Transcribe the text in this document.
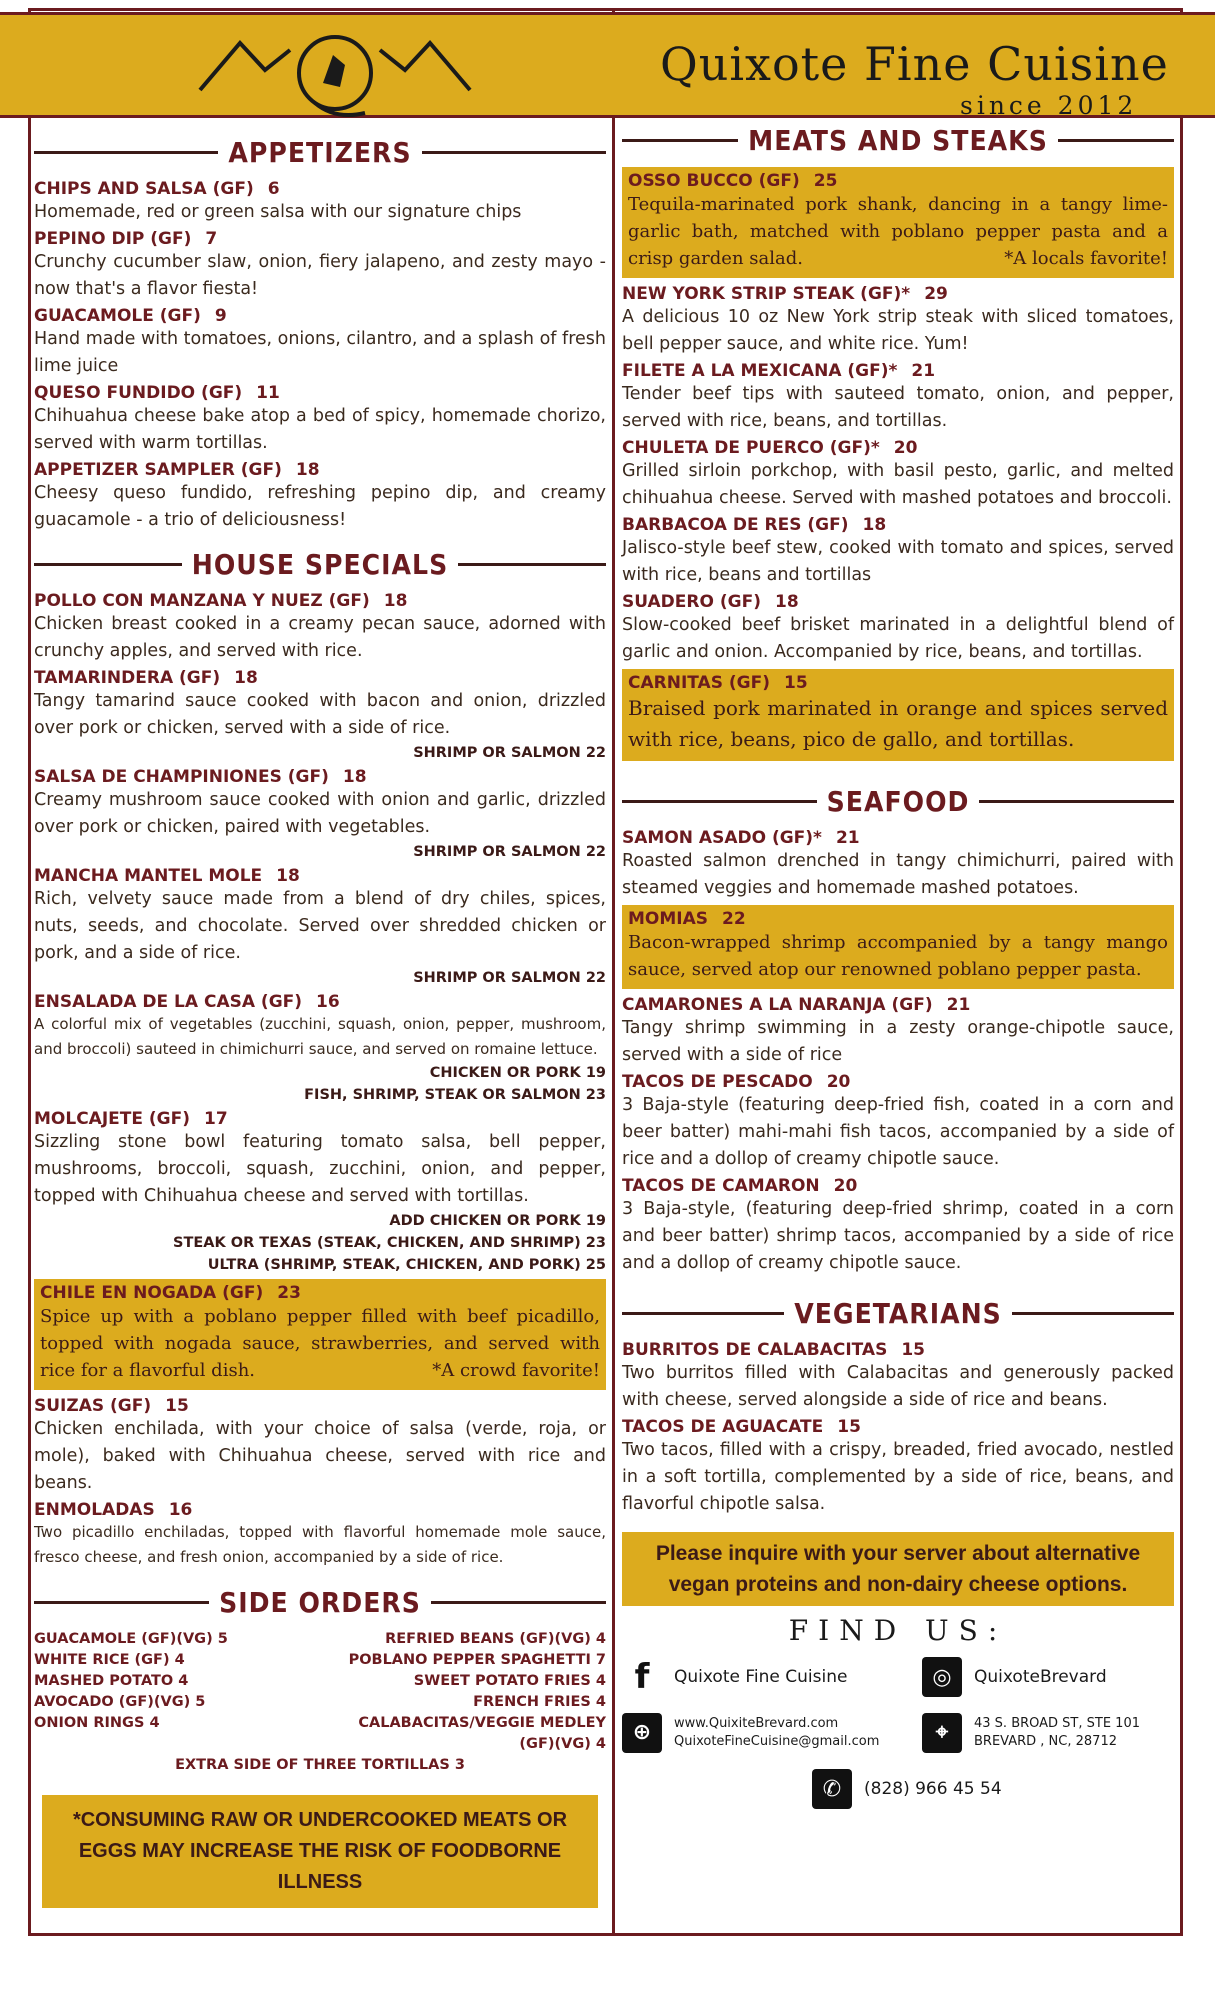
Quixote Fine Cuisine
since 2012
APPETIZERS
CHIPS AND SALSA (GF) 6
Homemade, red or green salsa with our signature chips
PEPINO DIP (GF) 7
Crunchy cucumber slaw, onion, fiery jalapeno, and zesty mayo - now that's a flavor fiesta!
GUACAMOLE (GF) 9
Hand made with tomatoes, onions, cilantro, and a splash of fresh lime juice
QUESO FUNDIDO (GF) 11
Chihuahua cheese bake atop a bed of spicy, homemade chorizo, served with warm tortillas.
APPETIZER SAMPLER (GF) 18
Cheesy queso fundido, refreshing pepino dip, and creamy guacamole - a trio of deliciousness!
HOUSE SPECIALS
POLLO CON MANZANA Y NUEZ (GF) 18
Chicken breast cooked in a creamy pecan sauce, adorned with crunchy apples, and served with rice.
TAMARINDERA (GF) 18
Tangy tamarind sauce cooked with bacon and onion, drizzled over pork or chicken, served with a side of rice.
SHRIMP OR SALMON 22
SALSA DE CHAMPINIONES (GF) 18
Creamy mushroom sauce cooked with onion and garlic, drizzled over pork or chicken, paired with vegetables.
SHRIMP OR SALMON 22
MANCHA MANTEL MOLE 18
Rich, velvety sauce made from a blend of dry chiles, spices, nuts, seeds, and chocolate. Served over shredded chicken or pork, and a side of rice.
SHRIMP OR SALMON 22
ENSALADA DE LA CASA (GF) 16
A colorful mix of vegetables (zucchini, squash, onion, pepper, mushroom, and broccoli) sauteed in chimichurri sauce, and served on romaine lettuce.
CHICKEN OR PORK 19
FISH, SHRIMP, STEAK OR SALMON 23
MOLCAJETE (GF) 17
Sizzling stone bowl featuring tomato salsa, bell pepper, mushrooms, broccoli, squash, zucchini, onion, and pepper, topped with Chihuahua cheese and served with tortillas.
ADD CHICKEN OR PORK 19
STEAK OR TEXAS (STEAK, CHICKEN, AND SHRIMP) 23
ULTRA (SHRIMP, STEAK, CHICKEN, AND PORK) 25
CHILE EN NOGADA (GF) 23
Spice up with a poblano pepper filled with beef picadillo, topped with nogada sauce, strawberries, and served with rice for a flavorful dish.	*A crowd favorite!
SUIZAS (GF) 15
Chicken enchilada, with your choice of salsa (verde, roja, or mole), baked with Chihuahua cheese, served with rice and beans.
ENMOLADAS 16
Two picadillo enchiladas, topped with flavorful homemade mole sauce, fresco cheese, and fresh onion, accompanied by a side of rice.
SIDE ORDERS
GUACAMOLE (GF)(VG) 5	REFRIED BEANS (GF)(VG) 4
WHITE RICE (GF) 4	POBLANO PEPPER SPAGHETTI 7
MASHED POTATO 4	SWEET POTATO FRIES 4
AVOCADO (GF)(VG) 5	FRENCH FRIES 4
ONION RINGS 4	CALABACITAS/VEGGIE MEDLEY (GF)(VG) 4
EXTRA SIDE OF THREE TORTILLAS 3
*CONSUMING RAW OR UNDERCOOKED MEATS OR EGGS MAY INCREASE THE RISK OF FOODBORNE ILLNESS
MEATS AND STEAKS
OSSO BUCCO (GF) 25
Tequila-marinated pork shank, dancing in a tangy lime-garlic bath, matched with poblano pepper pasta and a crisp garden salad.	*A locals favorite!
NEW YORK STRIP STEAK (GF)* 29
A delicious 10 oz New York strip steak with sliced tomatoes, bell pepper sauce, and white rice. Yum!
FILETE A LA MEXICANA (GF)* 21
Tender beef tips with sauteed tomato, onion, and pepper, served with rice, beans, and tortillas.
CHULETA DE PUERCO (GF)* 20
Grilled sirloin porkchop, with basil pesto, garlic, and melted chihuahua cheese. Served with mashed potatoes and broccoli.
BARBACOA DE RES (GF) 18
Jalisco-style beef stew, cooked with tomato and spices, served with rice, beans and tortillas
SUADERO (GF) 18
Slow-cooked beef brisket marinated in a delightful blend of garlic and onion. Accompanied by rice, beans, and tortillas.
CARNITAS (GF) 15
Braised pork marinated in orange and spices served with rice, beans, pico de gallo, and tortillas.
SEAFOOD
SAMON ASADO (GF)* 21
Roasted salmon drenched in tangy chimichurri, paired with steamed veggies and homemade mashed potatoes.
MOMIAS 22
Bacon-wrapped shrimp accompanied by a tangy mango sauce, served atop our renowned poblano pepper pasta.
CAMARONES A LA NARANJA (GF) 21
Tangy shrimp swimming in a zesty orange-chipotle sauce, served with a side of rice
TACOS DE PESCADO 20
3 Baja-style (featuring deep-fried fish, coated in a corn and beer batter) mahi-mahi fish tacos, accompanied by a side of rice and a dollop of creamy chipotle sauce.
TACOS DE CAMARON 20
3 Baja-style, (featuring deep-fried shrimp, coated in a corn and beer batter) shrimp tacos, accompanied by a side of rice and a dollop of creamy chipotle sauce.
VEGETARIANS
BURRITOS DE CALABACITAS 15
Two burritos filled with Calabacitas and generously packed with cheese, served alongside a side of rice and beans.
TACOS DE AGUACATE 15
Two tacos, filled with a crispy, breaded, fried avocado, nestled in a soft tortilla, complemented by a side of rice, beans, and flavorful chipotle salsa.
Please inquire with your server about alternative vegan proteins and non-dairy cheese options.
FIND US:
f	Quixote Fine Cuisine	◎	QuixoteBrevard
⊕	www.QuixiteBrevard.com
QuixoteFineCuisine@gmail.com	⌖	43 S. BROAD ST, STE 101
BREVARD , NC, 28712
✆	(828) 966 45 54
